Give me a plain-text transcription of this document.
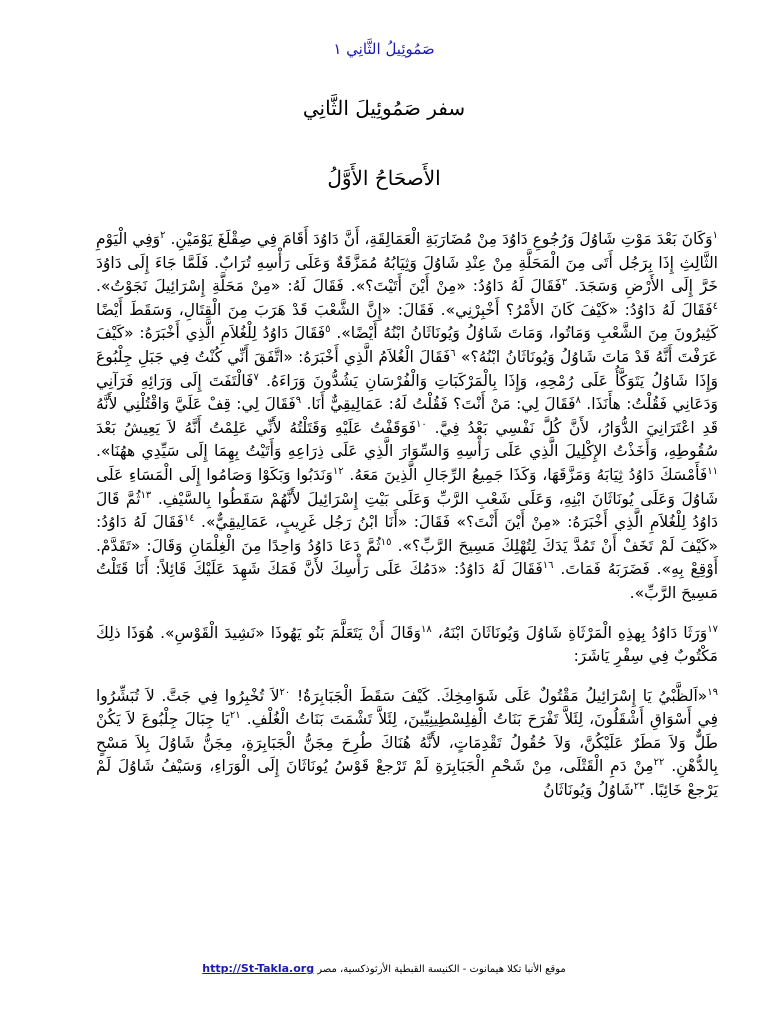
صَمُوئِيلُ الثَّانِي ١
سفر صَمُوئِيلَ الثَّانِي
الأَصحَاحُ الأَوَّلُ

$^١$وَكَانَ بَعْدَ مَوْتِ شَاوُلَ وَرُجُوعِ دَاوُدَ مِنْ مُضَارَبَةِ الْعَمَالِقَةِ، أَنَّ دَاوُدَ أَقَامَ فِي صِقْلَغَ يَوْمَيْنِ. $^٢$وَفِي الْيَوْمِ الثَّالِثِ إِذَا بِرَجُل أَتَى مِنَ الْمَحَلَّةِ مِنْ عِنْدِ شَاوُلَ وَثِيَابُهُ مُمَزَّقَةٌ وَعَلَى رَأْسِهِ تُرَابٌ. فَلَمَّا جَاءَ إِلَى دَاوُدَ خَرَّ إِلَى الأَرْضِ وَسَجَدَ. $^٣$فَقَالَ لَهُ دَاوُدُ: «مِنْ أَيْنَ أَتَيْتَ؟». فَقَالَ لَهُ: «مِنْ مَحَلَّةِ إِسْرَائِيلَ نَجَوْتُ». $^٤$فَقَالَ لَهُ دَاوُدُ: «كَيْفَ كَانَ الأَمْرُ؟ أَخْبِرْنِي». فَقَالَ: «إِنَّ الشَّعْبَ قَدْ هَرَبَ مِنَ الْقِتَالِ، وَسَقَطَ أَيْضًا كَثِيرُونَ مِنَ الشَّعْبِ وَمَاتُوا، وَمَاتَ شَاوُلُ وَيُونَاثَانُ ابْنُهُ أَيْضًا». $^٥$فَقَالَ دَاوُدُ لِلْغُلاَمِ الَّذِي أَخْبَرَهُ: «كَيْفَ عَرَفْتَ أَنَّهُ قَدْ مَاتَ شَاوُلُ وَيُونَاثَانُ ابْنُهُ؟» $^٦$فَقَالَ الْغُلاَمُ الَّذِي أَخْبَرَهُ: «اتَّفَقَ أَنِّي كُنْتُ فِي جَبَلِ جِلْبُوعَ وَإِذَا شَاوُلُ يَتَوَكَّأُ عَلَى رُمْحِهِ، وَإِذَا بِالْمَرْكَبَاتِ وَالْفُرْسَانِ يَشُدُّونَ وَرَاءَهُ. $^٧$فَالْتَفَتَ إِلَى وَرَائِهِ فَرَآنِي وَدَعَانِي فَقُلْتُ: هأَنَذَا. $^٨$فَقَالَ لِي: مَنْ أَنْتَ؟ فَقُلْتُ لَهُ: عَمَالِيقِيٌّ أَنَا. $^٩$فَقَالَ لِي: قِفْ عَلَيَّ وَاقْتُلْنِي لأَنَّهُ قَدِ اعْتَرَانِيَ الدُّوَارُ، لأَنَّ كُلَّ نَفْسِي بَعْدُ فِيَّ. $^{١٠}$فَوَقَفْتُ عَلَيْهِ وَقَتَلْتُهُ لأَنِّي عَلِمْتُ أَنَّهُ لاَ يَعِيشُ بَعْدَ سُقُوطِهِ، وَأَخَذْتُ الإِكْلِيلَ الَّذِي عَلَى رَأْسِهِ وَالسِّوَارَ الَّذِي عَلَى ذِرَاعِهِ وَأَتَيْتُ بِهِمَا إِلَى سَيِّدِي ههُنَا». $^{١١}$فَأَمْسَكَ دَاوُدُ ثِيَابَهُ وَمَزَّقَهَا، وَكَذَا جَمِيعُ الرِّجَالِ الَّذِينَ مَعَهُ. $^{١٢}$وَنَدَبُوا وَبَكَوْا وَصَامُوا إِلَى الْمَسَاءِ عَلَى شَاوُلَ وَعَلَى يُونَاثَانَ ابْنِهِ، وَعَلَى شَعْبِ الرَّبِّ وَعَلَى بَيْتِ إِسْرَائِيلَ لأَنَّهُمْ سَقَطُوا بِالسَّيْفِ. $^{١٣}$ثُمَّ قَالَ دَاوُدُ لِلْغُلاَمِ الَّذِي أَخْبَرَهُ: «مِنْ أَيْنَ أَنْتَ؟» فَقَالَ: «أَنَا ابْنُ رَجُل غَرِيبٍ، عَمَالِيقِيٌّ». $^{١٤}$فَقَالَ لَهُ دَاوُدُ: «كَيْفَ لَمْ تَخَفْ أَنْ تَمُدَّ يَدَكَ لِتُهْلِكَ مَسِيحَ الرَّبِّ؟». $^{١٥}$ثُمَّ دَعَا دَاوُدُ وَاحِدًا مِنَ الْغِلْمَانِ وَقَالَ: «تَقَدَّمْ. أَوْقِعْ بِهِ». فَضَرَبَهُ فَمَاتَ. $^{١٦}$فَقَالَ لَهُ دَاوُدُ: «دَمُكَ عَلَى رَأْسِكَ لأَنَّ فَمَكَ شَهِدَ عَلَيْكَ قَائِلاً: أَنَا قَتَلْتُ مَسِيحَ الرَّبِّ».

$^{١٧}$وَرَثَا دَاوُدُ بِهذِهِ الْمَرْثَاةِ شَاوُلَ وَيُونَاثَانَ ابْنَهُ، $^{١٨}$وَقَالَ أَنْ يَتَعَلَّمَ بَنُو يَهُوذَا «نَشِيدَ الْقَوْسِ». هُوَذَا ذلِكَ مَكْتُوبٌ فِي سِفْرِ يَاشَرَ:

$^{١٩}$«اَلظَّبْيُ يَا إِسْرَائِيلُ مَقْتُولٌ عَلَى شَوَامِخِكَ. كَيْفَ سَقَطَ الْجَبَابِرَةُ! $^{٢٠}$لاَ تُخْبِرُوا فِي جَتَّ. لاَ تُبَشِّرُوا فِي أَسْوَاقِ أَشْقَلُونَ، لِئَلاَّ تَفْرَحَ بَنَاتُ الْفِلِسْطِينِيِّينَ، لِئَلاَّ تَشْمَتَ بَنَاتُ الْغُلْفِ. $^{٢١}$يَا جِبَالَ جِلْبُوعَ لاَ يَكُنْ طَلٌّ وَلاَ مَطَرٌ عَلَيْكُنَّ، وَلاَ حُقُولُ تَقْدِمَاتٍ، لأَنَّهُ هُنَاكَ طُرِحَ مِجَنُّ الْجَبَابِرَةِ، مِجَنُّ شَاوُلَ بِلاَ مَسْحٍ بِالدُّهْنِ. $^{٢٢}$مِنْ دَمِ الْقَتْلَى، مِنْ شَحْمِ الْجَبَابِرَةِ لَمْ تَرْجعْ قَوْسُ يُونَاثَانَ إِلَى الْوَرَاءِ، وَسَيْفُ شَاوُلَ لَمْ يَرْجعْ خَائِبًا. $^{٢٣}$شَاوُلُ وَيُونَاثَانُ

موقع الأنبا تكلا هيمانوت - الكنيسة القبطية الأرثوذكسية، مصر http://St-Takla.org
